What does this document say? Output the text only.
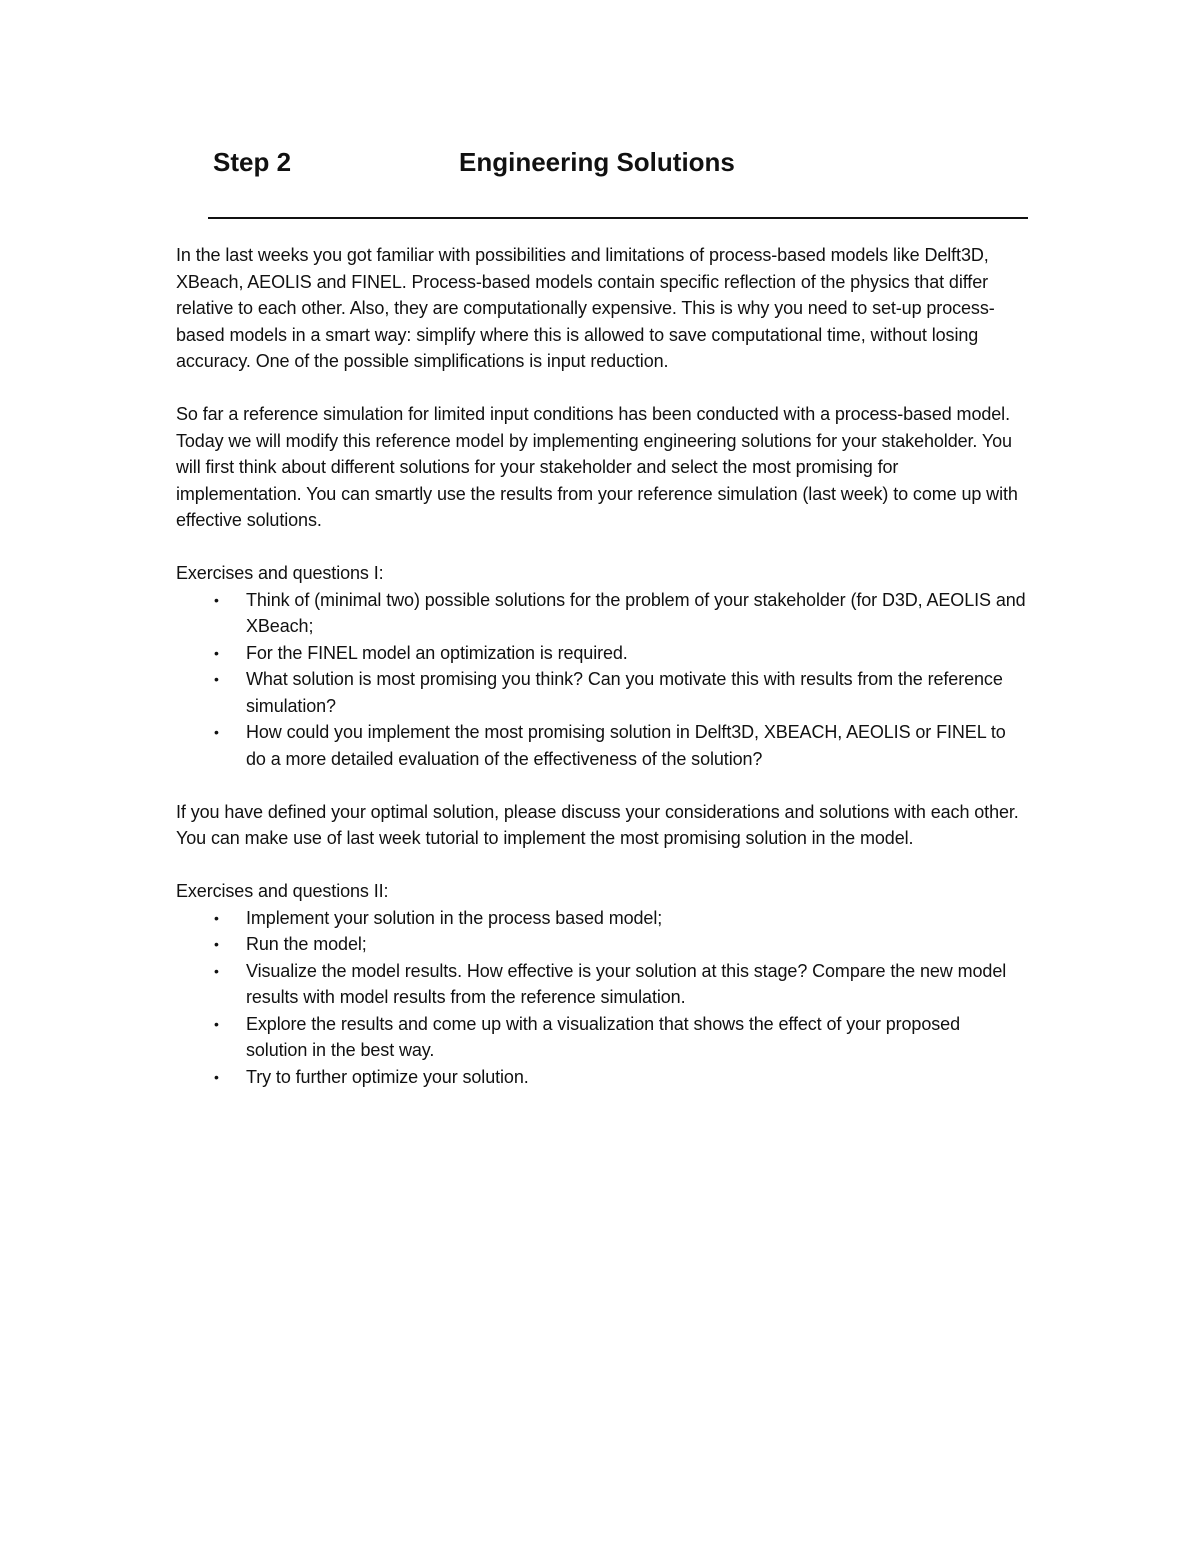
Step 2	Engineering Solutions

In the last weeks you got familiar with possibilities and limitations of process-based models like Delft3D, XBeach, AEOLIS and FINEL. Process-based models contain specific reflection of the physics that differ relative to each other. Also, they are computationally expensive. This is why you need to set-up process-based models in a smart way: simplify where this is allowed to save computational time, without losing accuracy. One of the possible simplifications is input reduction.

So far a reference simulation for limited input conditions has been conducted with a process-based model. Today we will modify this reference model by implementing engineering solutions for your stakeholder. You will first think about different solutions for your stakeholder and select the most promising for implementation. You can smartly use the results from your reference simulation (last week) to come up with effective solutions.

Exercises and questions I:

• Think of (minimal two) possible solutions for the problem of your stakeholder (for D3D, AEOLIS and XBeach;
• For the FINEL model an optimization is required.
• What solution is most promising you think? Can you motivate this with results from the reference simulation?
• How could you implement the most promising solution in Delft3D, XBEACH, AEOLIS or FINEL to do a more detailed evaluation of the effectiveness of the solution?

If you have defined your optimal solution, please discuss your considerations and solutions with each other. You can make use of last week tutorial to implement the most promising solution in the model.

Exercises and questions II:

• Implement your solution in the process based model;
• Run the model;
• Visualize the model results. How effective is your solution at this stage? Compare the new model results with model results from the reference simulation.
• Explore the results and come up with a visualization that shows the effect of your proposed solution in the best way.
• Try to further optimize your solution.
